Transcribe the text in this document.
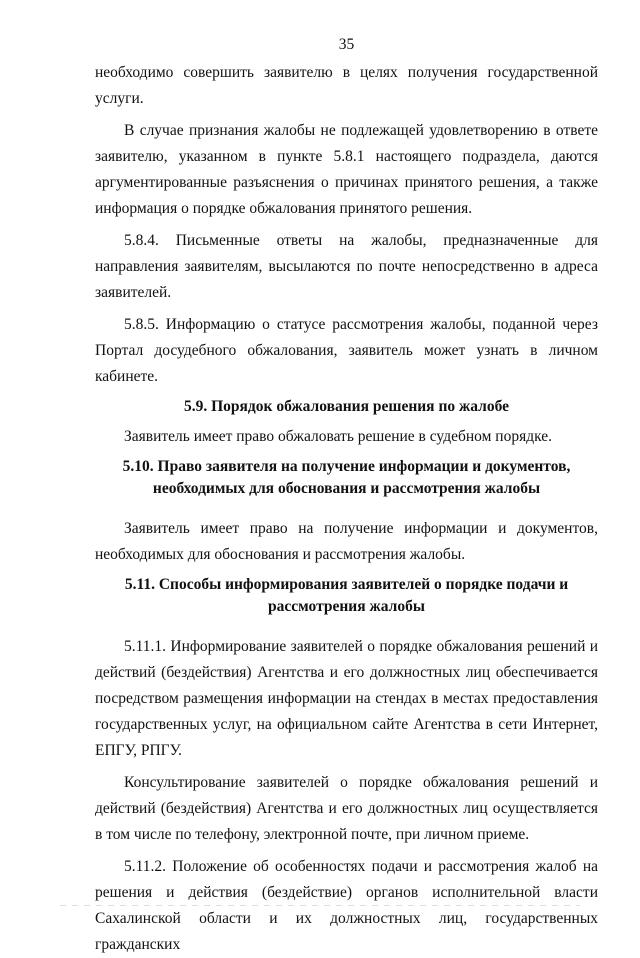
35

необходимо совершить заявителю в целях получения государственной услуги.

В случае признания жалобы не подлежащей удовлетворению в ответе заявителю, указанном в пункте 5.8.1 настоящего подраздела, даются аргументированные разъяснения о причинах принятого решения, а также информация о порядке обжалования принятого решения.

5.8.4. Письменные ответы на жалобы, предназначенные для направления заявителям, высылаются по почте непосредственно в адреса заявителей.

5.8.5. Информацию о статусе рассмотрения жалобы, поданной через Портал досудебного обжалования, заявитель может узнать в личном кабинете.

5.9. Порядок обжалования решения по жалобе

Заявитель имеет право обжаловать решение в судебном порядке.

5.10. Право заявителя на получение информации и документов,
необходимых для обоснования и рассмотрения жалобы

Заявитель имеет право на получение информации и документов, необходимых для обоснования и рассмотрения жалобы.

5.11. Способы информирования заявителей о порядке подачи и
рассмотрения жалобы

5.11.1. Информирование заявителей о порядке обжалования решений и действий (бездействия) Агентства и его должностных лиц обеспечивается посредством размещения информации на стендах в местах предоставления государственных услуг, на официальном сайте Агентства в сети Интернет, ЕПГУ, РПГУ.

Консультирование заявителей о порядке обжалования решений и действий (бездействия) Агентства и его должностных лиц осуществляется в том числе по телефону, электронной почте, при личном приеме.

5.11.2. Положение об особенностях подачи и рассмотрения жалоб на решения и действия (бездействие) органов исполнительной власти Сахалинской области и их должностных лиц, государственных гражданских
